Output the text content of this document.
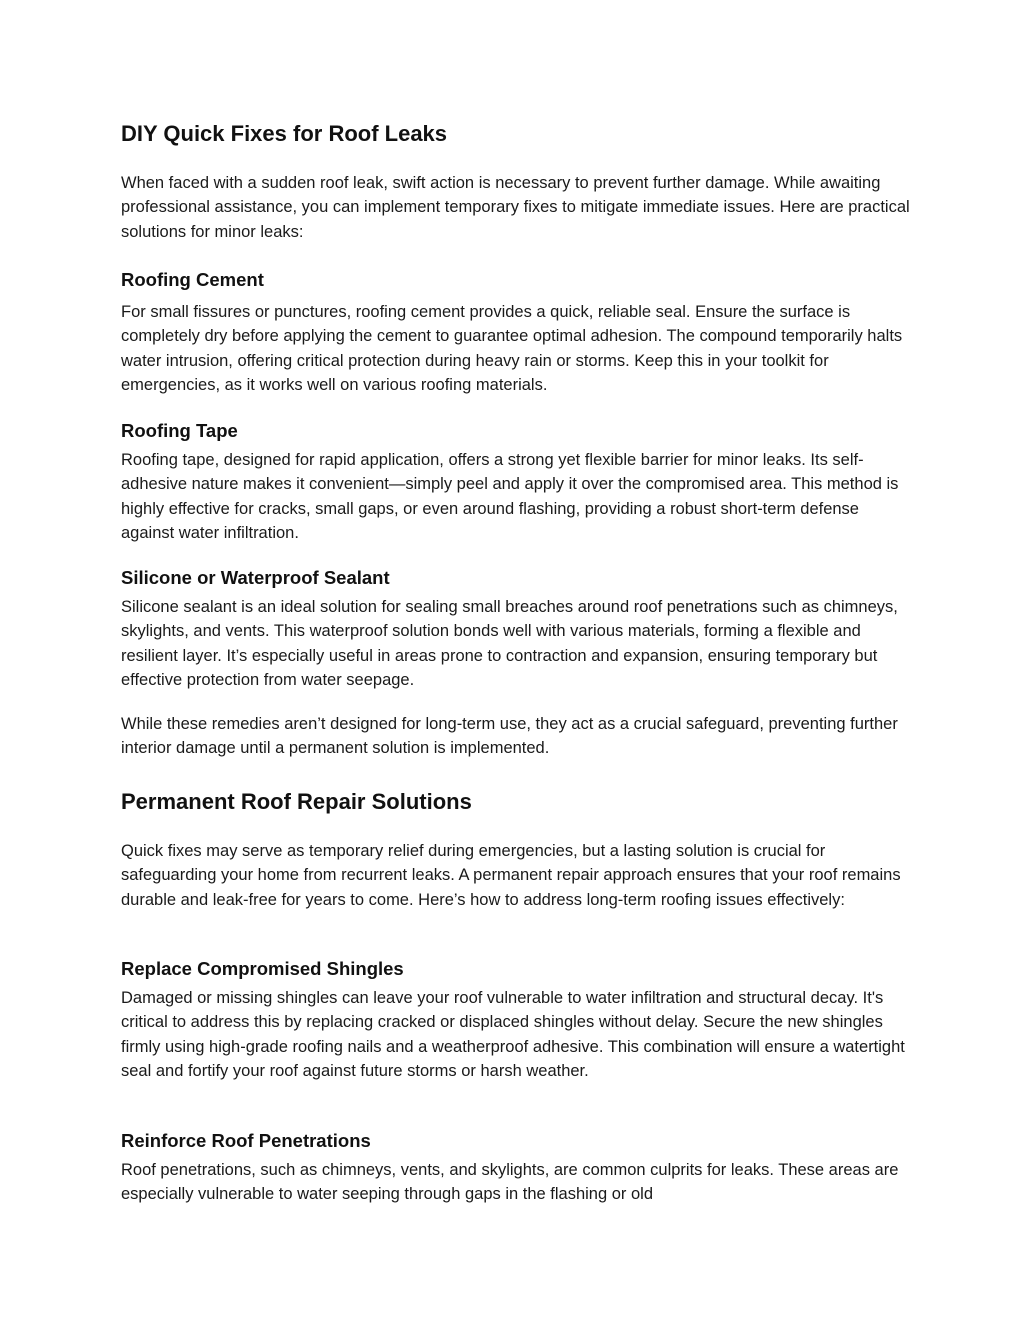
DIY Quick Fixes for Roof Leaks

When faced with a sudden roof leak, swift action is necessary to prevent further damage. While awaiting professional assistance, you can implement temporary fixes to mitigate immediate issues. Here are practical solutions for minor leaks:

Roofing Cement

For small fissures or punctures, roofing cement provides a quick, reliable seal. Ensure the surface is completely dry before applying the cement to guarantee optimal adhesion. The compound temporarily halts water intrusion, offering critical protection during heavy rain or storms. Keep this in your toolkit for emergencies, as it works well on various roofing materials.

Roofing Tape

Roofing tape, designed for rapid application, offers a strong yet flexible barrier for minor leaks. Its self-adhesive nature makes it convenient—simply peel and apply it over the compromised area. This method is highly effective for cracks, small gaps, or even around flashing, providing a robust short-term defense against water infiltration.

Silicone or Waterproof Sealant

Silicone sealant is an ideal solution for sealing small breaches around roof penetrations such as chimneys, skylights, and vents. This waterproof solution bonds well with various materials, forming a flexible and resilient layer. It’s especially useful in areas prone to contraction and expansion, ensuring temporary but effective protection from water seepage.

While these remedies aren’t designed for long-term use, they act as a crucial safeguard, preventing further interior damage until a permanent solution is implemented.

Permanent Roof Repair Solutions

Quick fixes may serve as temporary relief during emergencies, but a lasting solution is crucial for safeguarding your home from recurrent leaks. A permanent repair approach ensures that your roof remains durable and leak-free for years to come. Here’s how to address long-term roofing issues effectively:

Replace Compromised Shingles

Damaged or missing shingles can leave your roof vulnerable to water infiltration and structural decay. It's critical to address this by replacing cracked or displaced shingles without delay. Secure the new shingles firmly using high-grade roofing nails and a weatherproof adhesive. This combination will ensure a watertight seal and fortify your roof against future storms or harsh weather.

Reinforce Roof Penetrations

Roof penetrations, such as chimneys, vents, and skylights, are common culprits for leaks. These areas are especially vulnerable to water seeping through gaps in the flashing or old
